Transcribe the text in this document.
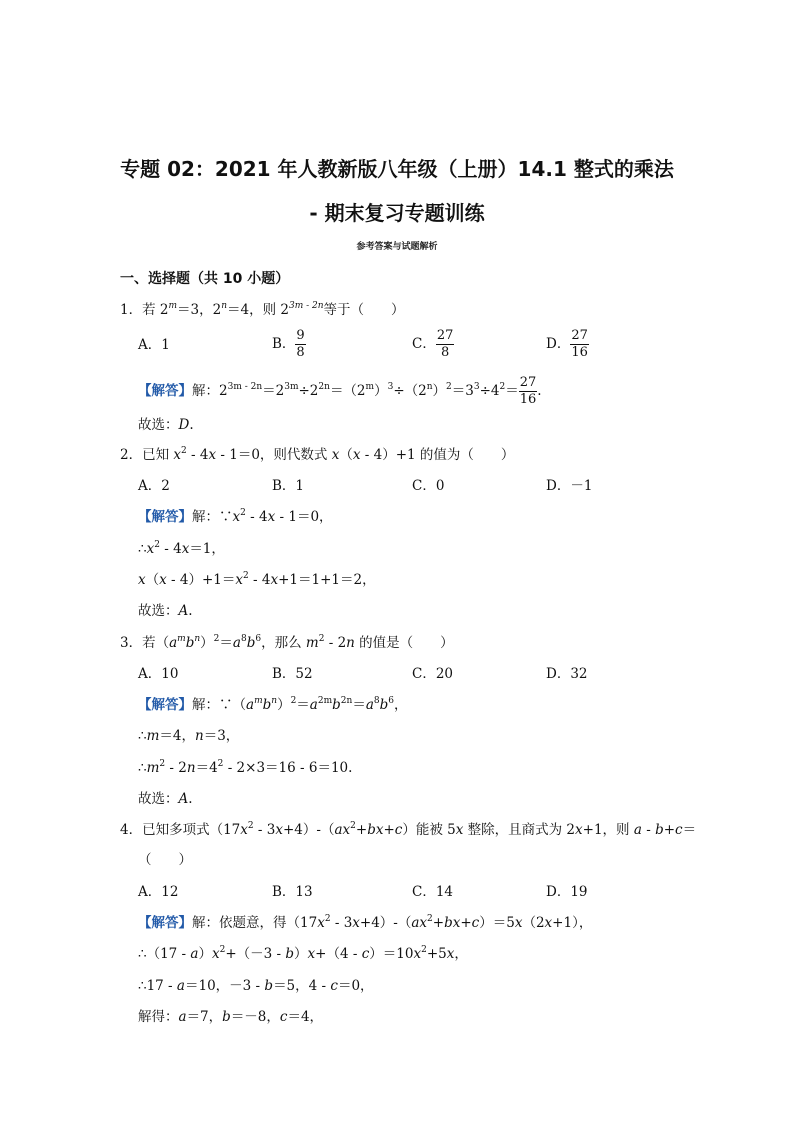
专题 02：2021 年人教新版八年级（上册）14.1 整式的乘法
- 期末复习专题训练
参考答案与试题解析
一、选择题（共 10 小题）
1．若 $2^m=3$，$2^n=4$，则 $2^{3m - 2n}$等于（　　）
A．1	B． $\frac{9}{8}$	C． $\frac{27}{8}$	D． $\frac{27}{16}$
【解答】解：$2^{3m - 2n}=2^{3m}\div 2^{2n}=(2^m)^3\div(2^n)^2=3^3\div 4^2= \frac{27}{16}$ .
故选：D.
2．已知 $x^2 - 4x - 1=0$，则代数式 x（x - 4）+1 的值为（　　）
A．2	B．1	C．0	D．－1
【解答】解：$\because x^2 - 4x - 1=0$，
$\therefore x^2 - 4x=1$，
$x(x - 4)+1=x^2 - 4x+1=1+1=2$，
故选：A.
3．若$(a^mb^n)^2=a^8b^6$，那么 $m^2 - 2n$ 的值是（　　）
A．10	B．52	C．20	D．32
【解答】解：$\because(a^mb^n)^2=a^{2m}b^{2n}=a^8b^6$，
∴m＝4，n＝3，
$\therefore m^2 - 2n=4^2 - 2\times 3=16 - 6=10$.
故选：A.
4．已知多项式$(17x^2 - 3x+4)-(ax^2+bx+c)$能被 5x 整除，且商式为 2x+1，则 a - b+c＝
（　　）
A．12	B．13	C．14	D．19
【解答】解：依题意，得$(17x^2 - 3x+4)-(ax^2+bx+c)=5x(2x+1)$，
∴（17 - $a)x^2+(-3 - b)x+(4 - c)=10x^2+5x$，
∴17 - a＝10，－3 - b＝5，4 - c＝0，
解得：a＝7，b＝－8，c＝4，
